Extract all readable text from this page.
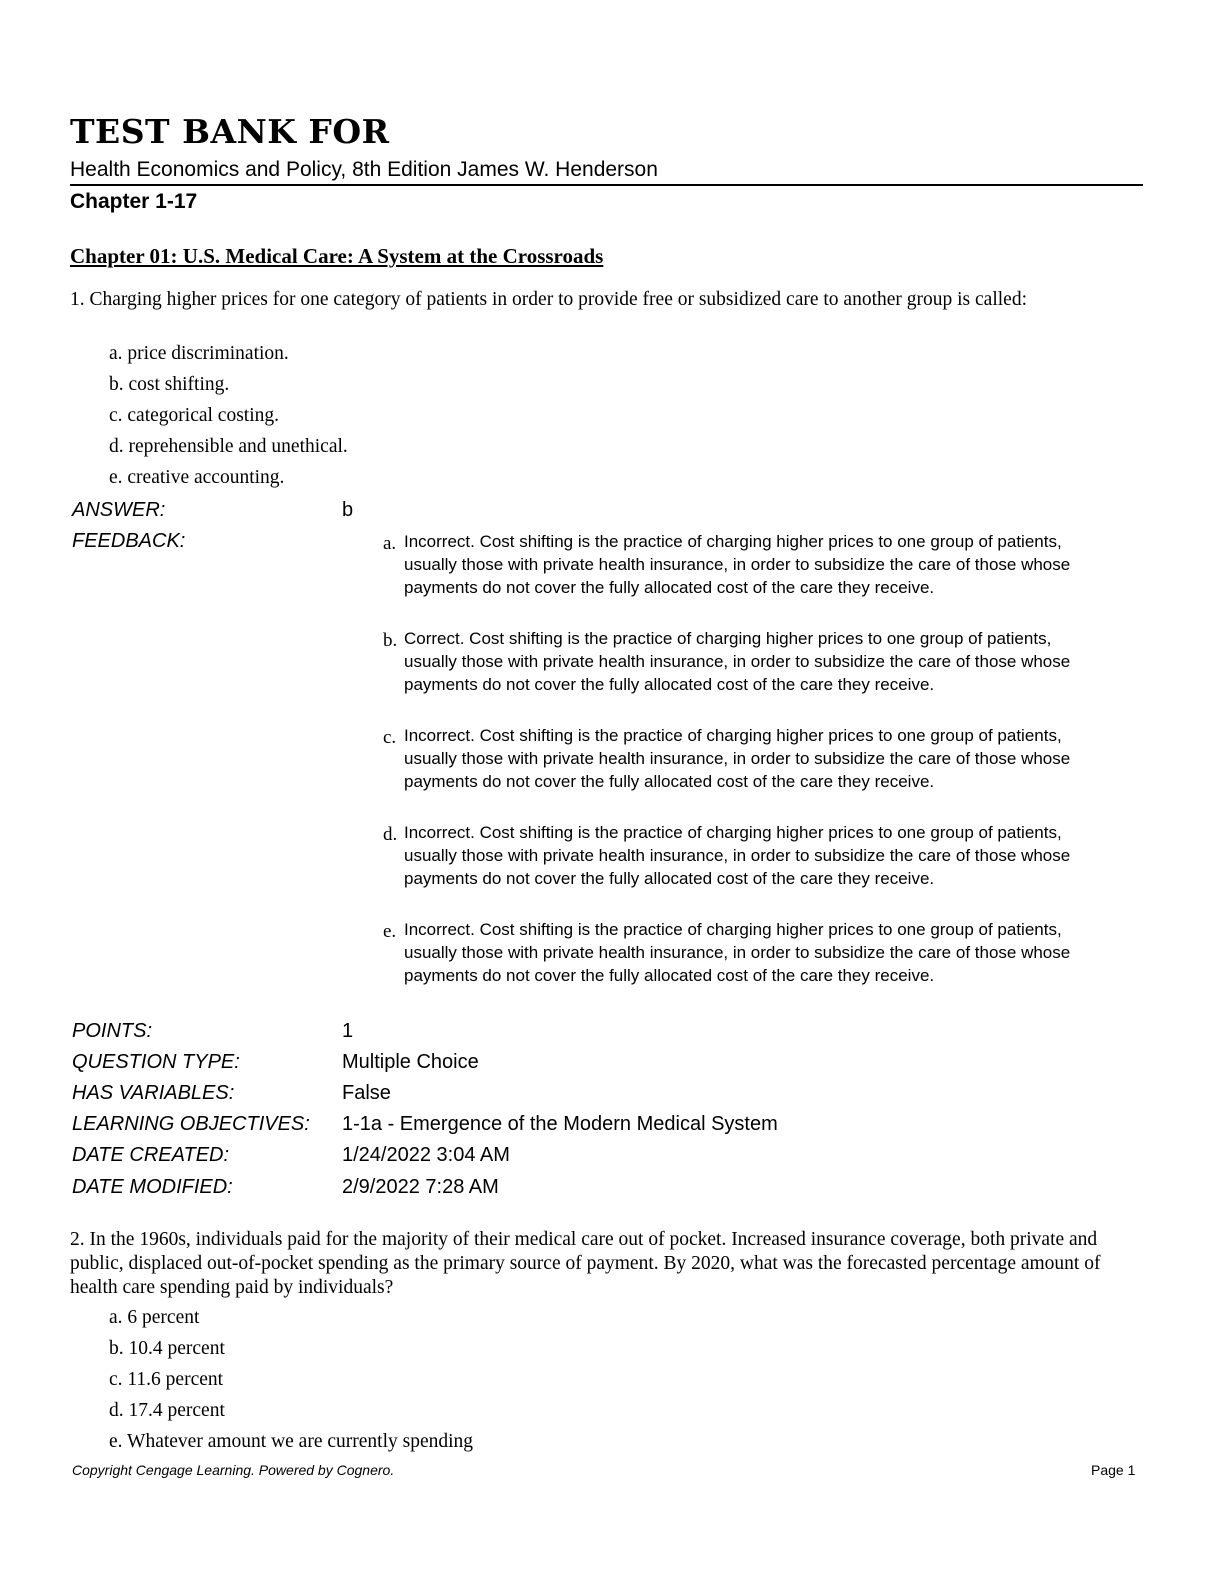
TEST BANK FOR
Health Economics and Policy, 8th Edition James W. Henderson
Chapter 1-17
Chapter 01: U.S. Medical Care: A System at the Crossroads
1. Charging higher prices for one category of patients in order to provide free or subsidized care to another group is called:
a. price discrimination.
b. cost shifting.
c. categorical costing.
d. reprehensible and unethical.
e. creative accounting.
ANSWER:	b
FEEDBACK:	a. Incorrect. Cost shifting is the practice of charging higher prices to one group of patients, usually those with private health insurance, in order to subsidize the care of those whose payments do not cover the fully allocated cost of the care they receive.
b. Correct. Cost shifting is the practice of charging higher prices to one group of patients, usually those with private health insurance, in order to subsidize the care of those whose payments do not cover the fully allocated cost of the care they receive.
c. Incorrect. Cost shifting is the practice of charging higher prices to one group of patients, usually those with private health insurance, in order to subsidize the care of those whose payments do not cover the fully allocated cost of the care they receive.
d. Incorrect. Cost shifting is the practice of charging higher prices to one group of patients, usually those with private health insurance, in order to subsidize the care of those whose payments do not cover the fully allocated cost of the care they receive.
e. Incorrect. Cost shifting is the practice of charging higher prices to one group of patients, usually those with private health insurance, in order to subsidize the care of those whose payments do not cover the fully allocated cost of the care they receive.
POINTS:	1
QUESTION TYPE:	Multiple Choice
HAS VARIABLES:	False
LEARNING OBJECTIVES: 1-1a - Emergence of the Modern Medical System
DATE CREATED:	1/24/2022 3:04 AM
DATE MODIFIED:	2/9/2022 7:28 AM
2. In the 1960s, individuals paid for the majority of their medical care out of pocket. Increased insurance coverage, both private and public, displaced out-of-pocket spending as the primary source of payment. By 2020, what was the forecasted percentage amount of health care spending paid by individuals?
a. 6 percent
b. 10.4 percent
c. 11.6 percent
d. 17.4 percent
e. Whatever amount we are currently spending
Copyright Cengage Learning. Powered by Cognero.	Page 1
